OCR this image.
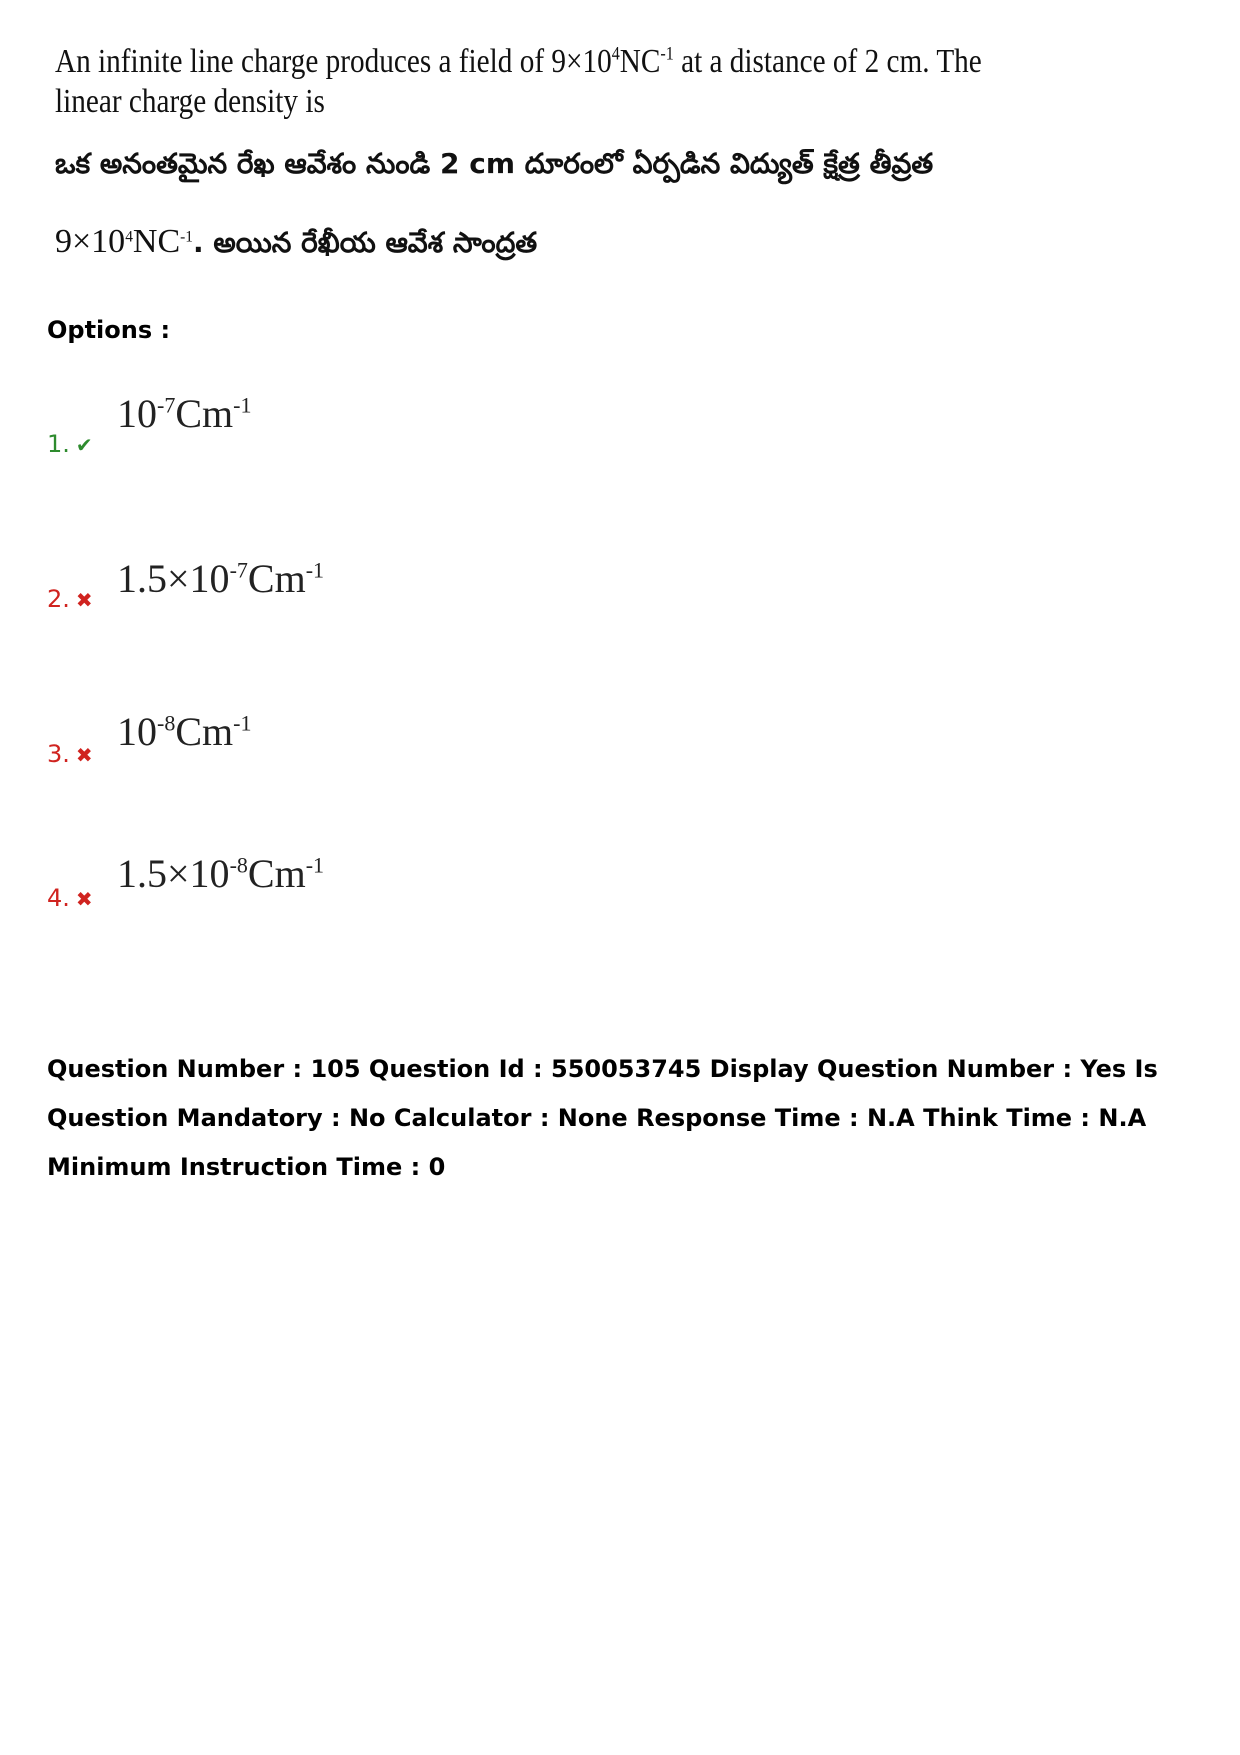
An infinite line charge produces a field of $9\times 10^4NC^{-1}$ at a distance of 2 cm. The
linear charge density is
ఒక అనంతమైన రేఖ ఆవేశం నుండి 2 cm దూరంలో ఏర్పడిన విద్యుత్ క్షేత్ర తీవ్రత
$9\times 10^4NC^{-1}$. అయిన రేఖీయ ఆవేశ సాంద్రత
Options :
1. ✔
$10^{-7}Cm^{-1}$
2. ✖ $1.5\times 10^{-7}Cm^{-1}$
3. ✖
$10^{-8}Cm^{-1}$
4. ✖
$1.5\times 10^{-8}Cm^{-1}$
Question Number : 105 Question Id : 550053745 Display Question Number : Yes Is Question Mandatory : No Calculator : None Response Time : N.A Think Time : N.A Minimum Instruction Time : 0
